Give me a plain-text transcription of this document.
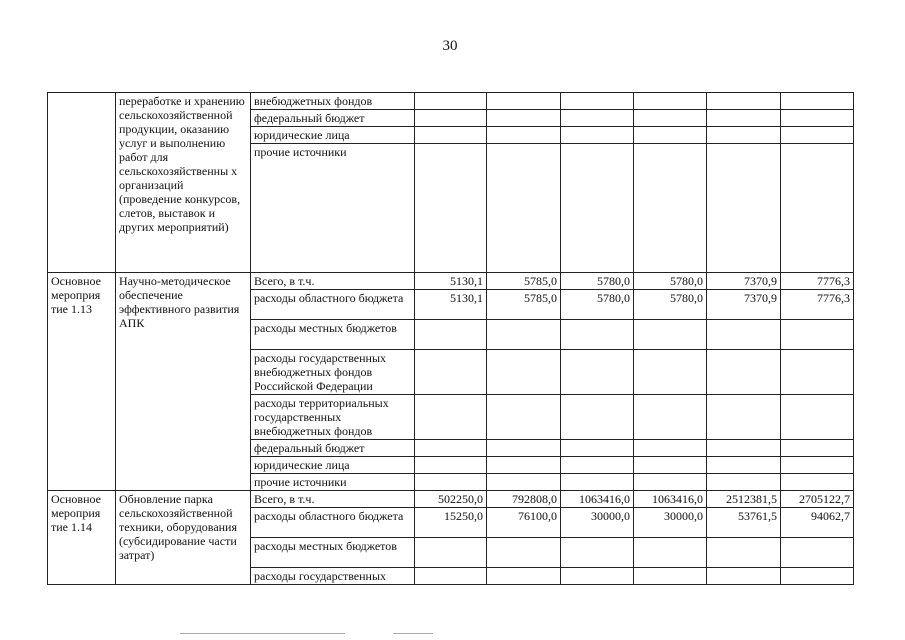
30
	переработке и хранению сельскохозяйственной продукции, оказанию услуг и выполнению работ для сельскохозяйственны х организаций (проведение конкурсов, слетов, выставок и других мероприятий)	внебюджетных фондов						
		федеральный бюджет						
		юридические лица						
		прочие источники						
Основное мероприя тие 1.13	Научно-методическое обеспечение эффективного развития АПК	Всего, в т.ч.	5130,1	5785,0	5780,0	5780,0	7370,9	7776,3
		расходы областного бюджета	5130,1	5785,0	5780,0	5780,0	7370,9	7776,3
		расходы местных бюджетов						
		расходы государственных внебюджетных фондов Российской Федерации						
		расходы территориальных государственных внебюджетных фондов						
		федеральный бюджет						
		юридические лица						
		прочие источники						
Основное мероприя тие 1.14	Обновление парка сельскохозяйственной техники, оборудования (субсидирование части затрат)	Всего, в т.ч.	502250,0	792808,0	1063416,0	1063416,0	2512381,5	2705122,7
		расходы областного бюджета	15250,0	76100,0	30000,0	30000,0	53761,5	94062,7
		расходы местных бюджетов						
		расходы государственных						
